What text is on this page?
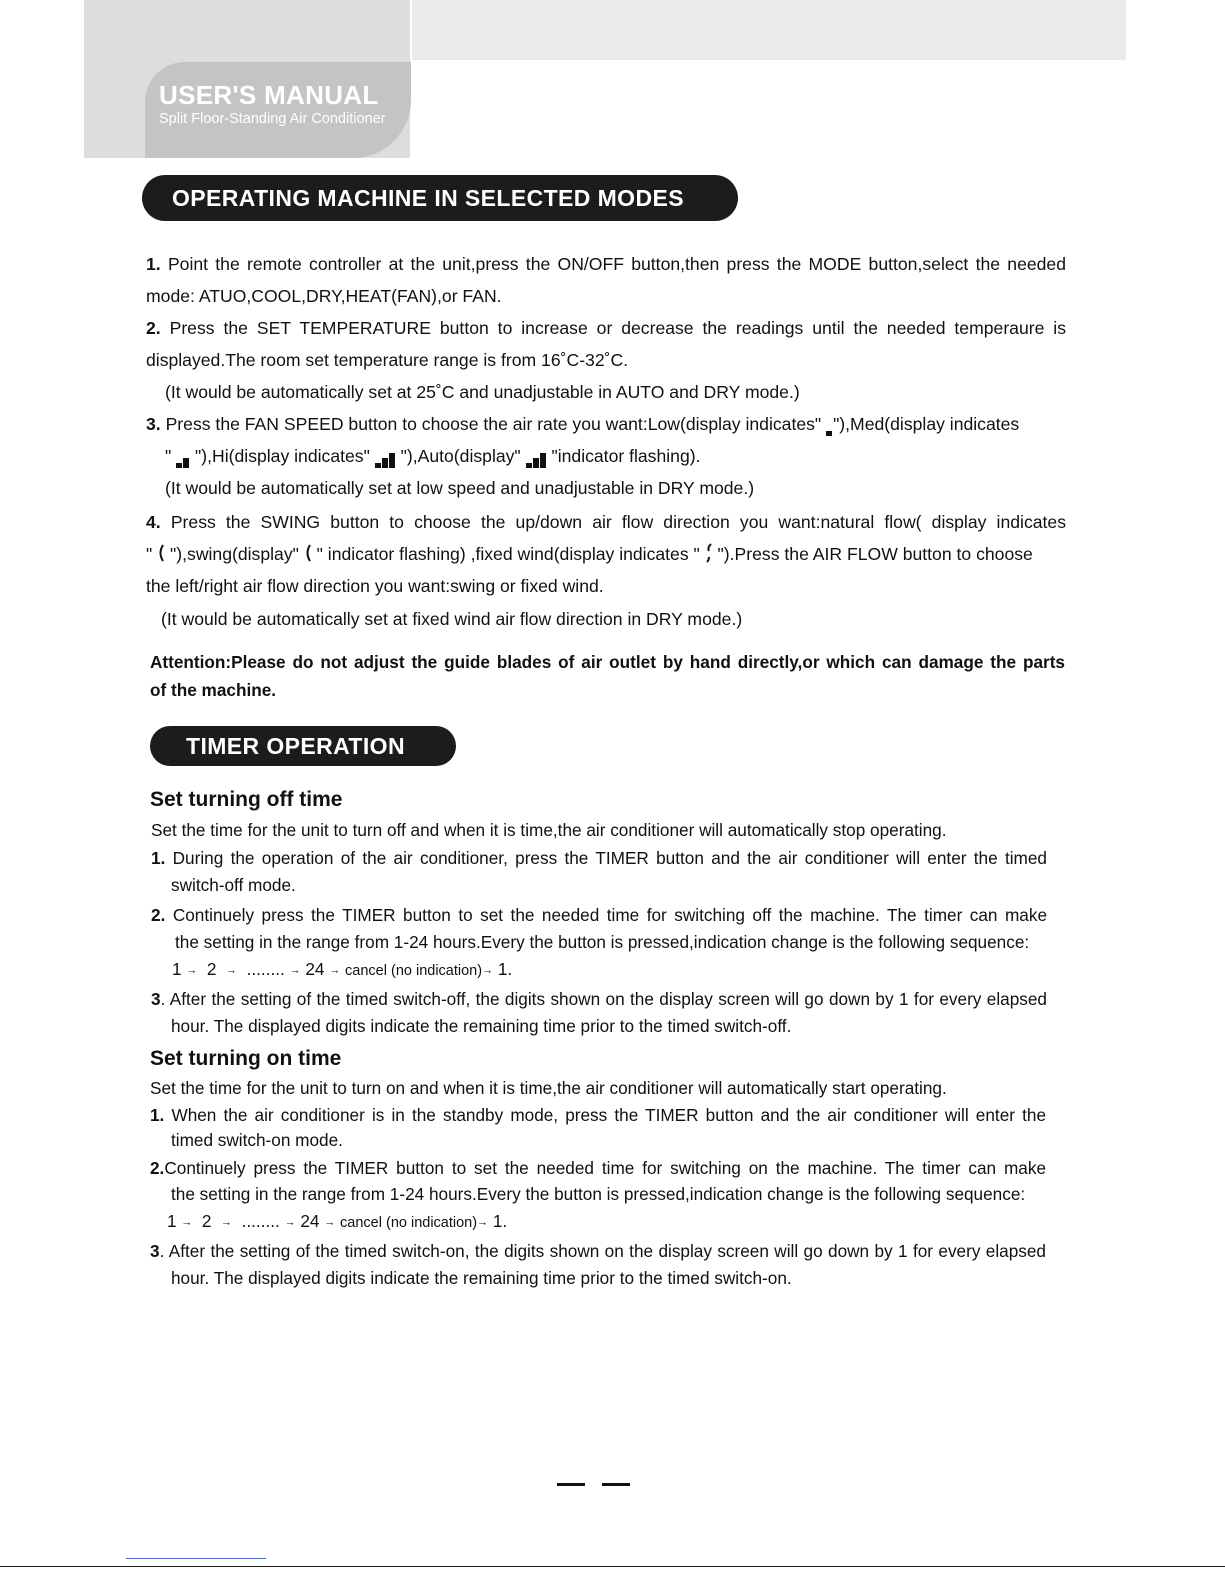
USER'S MANUAL
Split Floor-Standing Air Conditioner
OPERATING MACHINE IN SELECTED MODES
1. Point the remote controller at the unit,press the ON/OFF button,then press the MODE button,select the needed
mode: ATUO,COOL,DRY,HEAT(FAN),or FAN.
2. Press the SET TEMPERATURE button to increase or decrease the readings until the needed temperaure is
displayed.The room set temperature range is from 16˚C-32˚C.
(It would be automatically set at 25˚C and unadjustable in AUTO and DRY mode.)
3. Press the FAN SPEED button to choose the air rate you want:Low(display indicates" "),Med(display indicates
"  "),Hi(display indicates"  "),Auto(display"  "indicator flashing).
(It would be automatically set at low speed and unadjustable in DRY mode.)
4. Press the SWING button to choose the up/down air flow direction you want:natural flow( display indicates
"  "),swing(display"  " indicator flashing) ,fixed wind(display indicates "  ").Press the AIR FLOW button to choose
the left/right air flow direction you want:swing or fixed wind.
(It would be automatically set at fixed wind air flow direction in DRY mode.)
Attention:Please do not adjust the guide blades of air outlet by hand directly,or which can damage the parts
of the machine.
TIMER OPERATION
Set turning off time
Set the time for the unit to turn off and when it is time,the air conditioner will automatically stop operating.
1. During the operation of the air conditioner, press the TIMER button and the air conditioner will enter the timed
switch-off mode.
2. Continuely press the TIMER button to set the needed time for switching off the machine. The timer can make
the setting in the range from 1-24 hours.Every the button is pressed,indication change is the following sequence:
1 → 2 → ........ → 24 → cancel (no indication)→ 1.
3. After the setting of the timed switch-off, the digits shown on the display screen will go down by 1 for every elapsed
hour. The displayed digits indicate the remaining time prior to the timed switch-off.
Set turning on time
Set the time for the unit to turn on and when it is time,the air conditioner will automatically start operating.
1. When the air conditioner is in the standby mode, press the TIMER button and the air conditioner will enter the
timed switch-on mode.
2.Continuely press the TIMER button to set the needed time for switching on the machine. The timer can make
the setting in the range from 1-24 hours.Every the button is pressed,indication change is the following sequence:
1 → 2 → ........ → 24 → cancel (no indication)→ 1.
3. After the setting of the timed switch-on, the digits shown on the display screen will go down by 1 for every elapsed
hour. The displayed digits indicate the remaining time prior to the timed switch-on.
